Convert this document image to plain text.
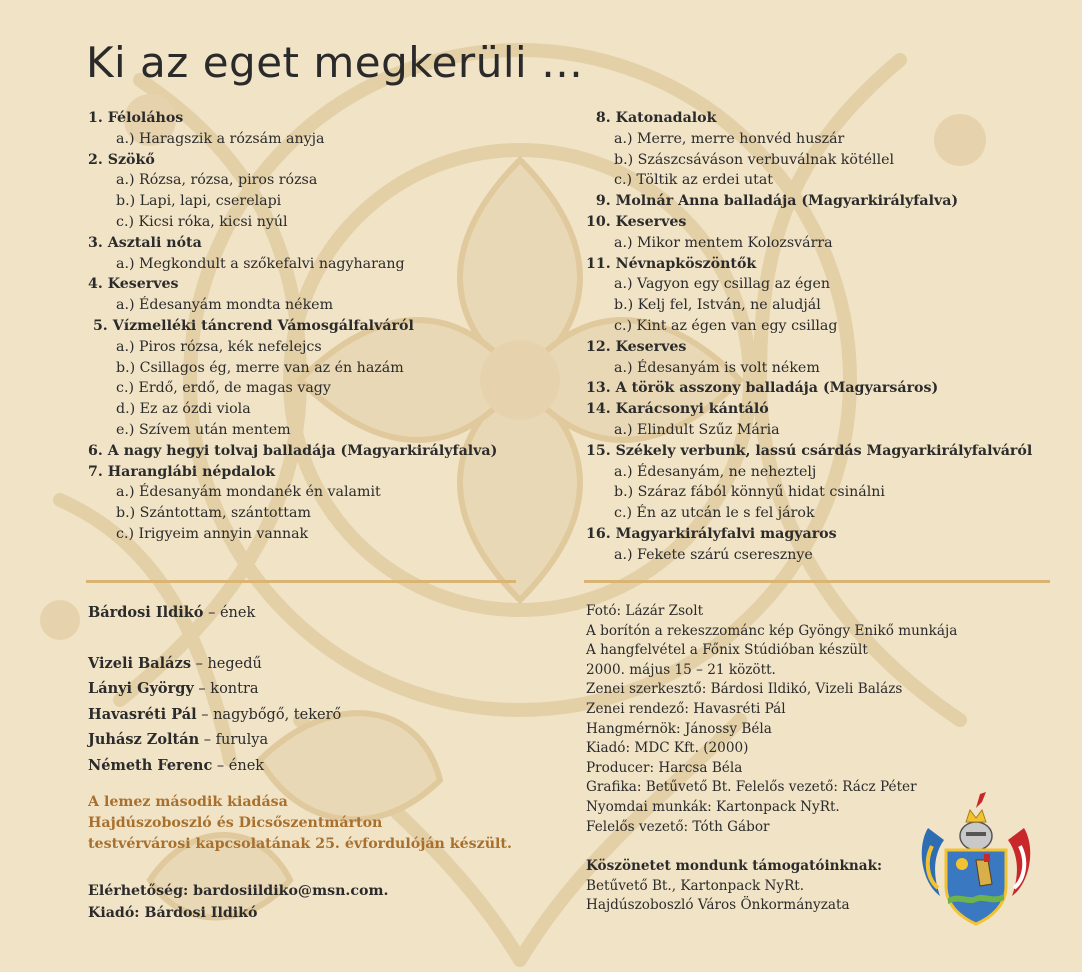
Ki az eget megkerüli …
1. Féloláhos
a.) Haragszik a rózsám anyja
2. Szökő
a.) Rózsa, rózsa, piros rózsa
b.) Lapi, lapi, cserelapi
c.) Kicsi róka, kicsi nyúl
3. Asztali nóta
a.) Megkondult a szőkefalvi nagyharang
4. Keserves
a.) Édesanyám mondta nékem
5. Vízmelléki táncrend Vámosgálfalváról
a.) Piros rózsa, kék nefelejcs
b.) Csillagos ég, merre van az én hazám
c.) Erdő, erdő, de magas vagy
d.) Ez az ózdi viola
e.) Szívem után mentem
6. A nagy hegyi tolvaj balladája (Magyarkirályfalva)
7. Haranglábi népdalok
a.) Édesanyám mondanék én valamit
b.) Szántottam, szántottam
c.) Irigyeim annyin vannak
8. Katonadalok
a.) Merre, merre honvéd huszár
b.) Szászcsáváson verbuválnak kötéllel
c.) Töltik az erdei utat
9. Molnár Anna balladája (Magyarkirályfalva)
10. Keserves
a.) Mikor mentem Kolozsvárra
11. Névnapköszöntők
a.) Vagyon egy csillag az égen
b.) Kelj fel, István, ne aludjál
c.) Kint az égen van egy csillag
12. Keserves
a.) Édesanyám is volt nékem
13. A török asszony balladája (Magyarsáros)
14. Karácsonyi kántáló
a.) Elindult Szűz Mária
15. Székely verbunk, lassú csárdás Magyarkirályfalváról
a.) Édesanyám, ne neheztelj
b.) Száraz fából könnyű hidat csinálni
c.) Én az utcán le s fel járok
16. Magyarkirályfalvi magyaros
a.) Fekete szárú cseresznye
Bárdosi Ildikó – ének
Vizeli Balázs – hegedű
Lányi György – kontra
Havasréti Pál – nagybőgő, tekerő
Juhász Zoltán – furulya
Németh Ferenc – ének
A lemez második kiadása
Hajdúszoboszló és Dicsőszentmárton
testvérvárosi kapcsolatának 25. évfordulóján készült.
Elérhetőség: bardosiildiko@msn.com.
Kiadó: Bárdosi Ildikó
Fotó: Lázár Zsolt
A borítón a rekeszzománc kép Gyöngy Enikő munkája
A hangfelvétel a Főnix Stúdióban készült
2000. május 15 – 21 között.
Zenei szerkesztő: Bárdosi Ildikó, Vizeli Balázs
Zenei rendező: Havasréti Pál
Hangmérnök: Jánossy Béla
Kiadó: MDC Kft. (2000)
Producer: Harcsa Béla
Grafika: Betűvető Bt. Felelős vezető: Rácz Péter
Nyomdai munkák: Kartonpack NyRt.
Felelős vezető: Tóth Gábor
Köszönetet mondunk támogatóinknak:
Betűvető Bt., Kartonpack NyRt.
Hajdúszoboszló Város Önkormányzata
